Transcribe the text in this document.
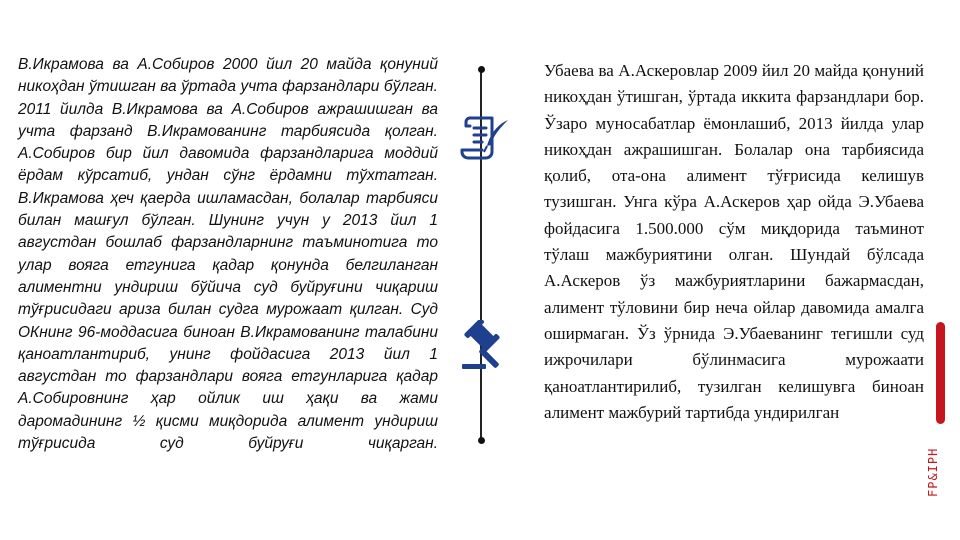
В.Икрамова ва А.Собиров 2000 йил 20 майда қонуний никоҳдан ўтишган ва ўртада учта фарзандлари бўлган. 2011 йилда В.Икрамова ва А.Собиров ажрашишган ва учта фарзанд В.Икрамованинг тарбиясида қолган. А.Собиров бир йил давомида фарзандларига моддий ёрдам кўрсатиб, ундан сўнг ёрдамни тўхтатган. В.Икрамова ҳеч қаерда ишламасдан, болалар тарбияси билан машғул бўлган. Шунинг учун у 2013 йил 1 августдан бошлаб фарзандларнинг таъминотига то улар вояга етгунига қадар қонунда белгиланган алиментни ундириш бўйича суд буйруғини чиқариш тўғрисидаги ариза билан судга мурожаат қилган. Суд ОКнинг 96-моддасига биноан В.Икрамованинг талабини қаноатлантириб, унинг фойдасига 2013 йил 1 августдан то фарзандлари вояга етгунларига қадар А.Собировнинг ҳар ойлик иш ҳақи ва жами даромадининг ½ қисми миқдорида алимент ундириш тўғрисида суд буйруғи чиқарган.
Убаева ва А.Аскеровлар 2009 йил 20 майда қонуний никоҳдан ўтишган, ўртада иккита фарзандлари бор. Ўзаро муносабатлар ёмонлашиб, 2013 йилда улар никоҳдан ажрашишган. Болалар она тарбиясида қолиб, ота-она алимент тўғрисида келишув тузишган. Унга кўра А.Аскеров ҳар ойда Э.Убаева фойдасига 1.500.000 сўм миқдорида таъминот тўлаш мажбуриятини олган. Шундай бўлсада А.Аскеров ўз мажбуриятларини бажармасдан, алимент тўловини бир неча ойлар давомида амалга оширмаган. Ўз ўрнида Э.Убаеванинг тегишли суд ижрочилари бўлинмасига мурожаати қаноатлантирилиб, тузилган келишувга биноан алимент мажбурий тартибда ундирилган
FP&IPH
